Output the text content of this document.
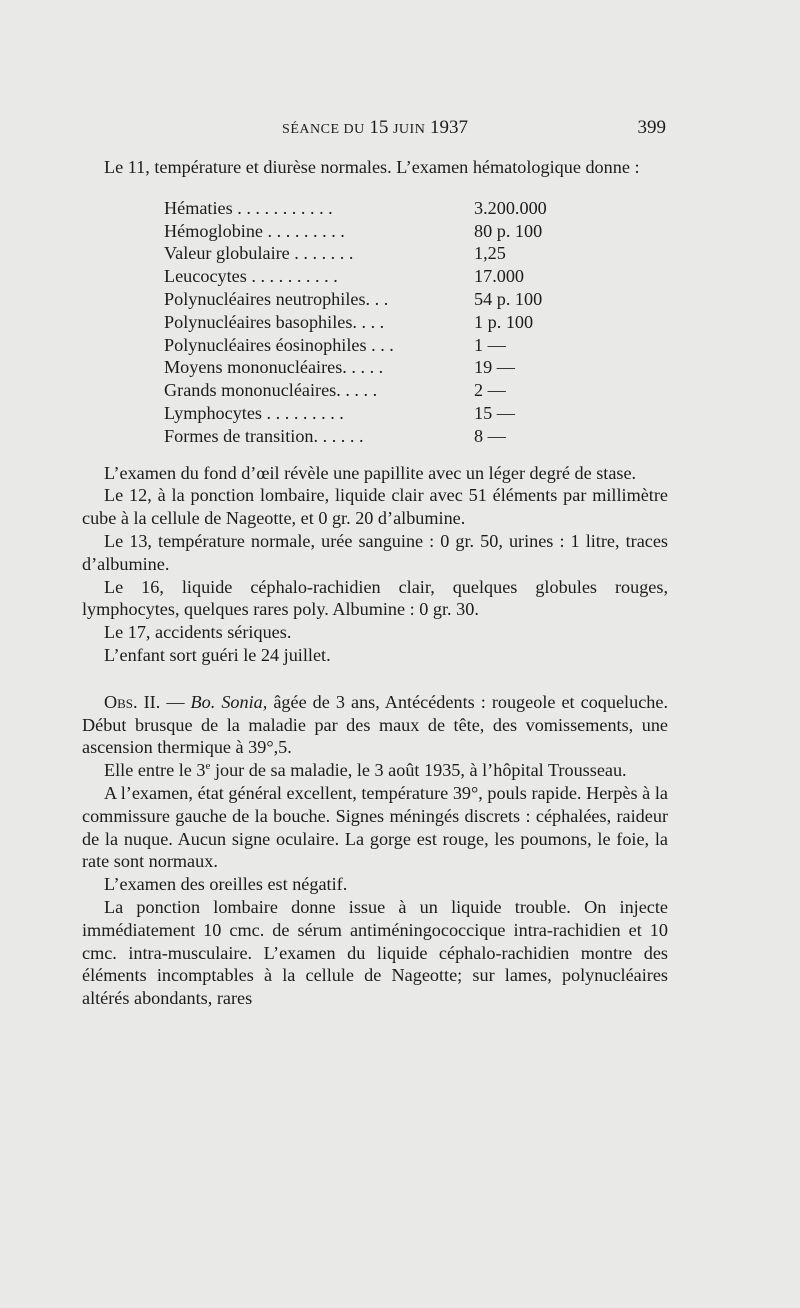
SÉANCE DU 15 JUIN 1937	399

Le 11, température et diurèse normales. L’examen hématologique donne :

Hématies . . . . . . . . . . .	3.200.000
Hémoglobine . . . . . . . . .	80 p. 100
Valeur globulaire . . . . . . .	1,25
Leucocytes . . . . . . . . . .	17.000
Polynucléaires neutrophiles. . .	54 p. 100
Polynucléaires basophiles. . . .	1 p. 100
Polynucléaires éosinophiles . . .	1 —
Moyens mononucléaires. . . . .	19 —
Grands mononucléaires. . . . .	2 —
Lymphocytes . . . . . . . . .	15 —
Formes de transition. . . . . .	8 —

L’examen du fond d’œil révèle une papillite avec un léger degré de stase.

Le 12, à la ponction lombaire, liquide clair avec 51 éléments par millimètre cube à la cellule de Nageotte, et 0 gr. 20 d’albumine.

Le 13, température normale, urée sanguine : 0 gr. 50, urines : 1 litre, traces d’albumine.

Le 16, liquide céphalo-rachidien clair, quelques globules rouges, lymphocytes, quelques rares poly. Albumine : 0 gr. 30.

Le 17, accidents sériques.

L’enfant sort guéri le 24 juillet.

Obs. II. — Bo. Sonia, âgée de 3 ans, Antécédents : rougeole et coqueluche. Début brusque de la maladie par des maux de tête, des vomissements, une ascension thermique à 39°,5.

Elle entre le 3e jour de sa maladie, le 3 août 1935, à l’hôpital Trousseau.

A l’examen, état général excellent, température 39°, pouls rapide. Herpès à la commissure gauche de la bouche. Signes méningés discrets : céphalées, raideur de la nuque. Aucun signe oculaire. La gorge est rouge, les poumons, le foie, la rate sont normaux.

L’examen des oreilles est négatif.

La ponction lombaire donne issue à un liquide trouble. On injecte immédiatement 10 cmc. de sérum antiméningococcique intra-rachidien et 10 cmc. intra-musculaire. L’examen du liquide céphalo-rachidien montre des éléments incomptables à la cellule de Nageotte; sur lames, polynucléaires altérés abondants, rares
